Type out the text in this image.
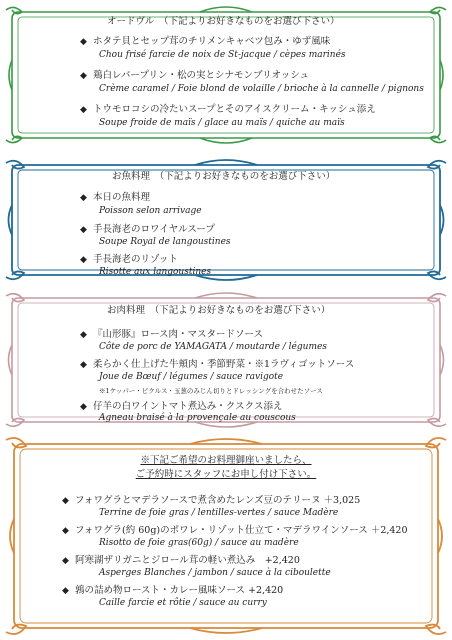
オードヴル　（下記よりお好きなものをお選び下さい）
◆ ホタテ貝とセップ茸のチリメンキャベツ包み・ゆず風味
Chou frisé farcie de noix de St-jacque / cèpes marinés
◆ 鶏白レバープリン・松の実とシナモンブリオッシュ
Crème caramel / Foie blond de volaille / brioche à la cannelle / pignons
◆ トウモロコシの冷たいスープとそのアイスクリーム・キッシュ添え
Soupe froide de maïs / glace au maïs / quiche au maïs
お魚料理　（下記よりお好きなものをお選び下さい）
◆ 本日の魚料理
Poisson selon arrivage
◆ 手長海老のロワイヤルスープ
Soupe Royal de langoustines
◆ 手長海老のリゾット
Risotte aux langoustines
お肉料理　（下記よりお好きなものをお選び下さい）
◆ 『山形豚』ロース肉・マスタードソース
Côte de porc de YAMAGATA / moutarde / légumes
◆ 柔らかく仕上げた牛頬肉・季節野菜・※1ラヴィゴットソース
Joue de Bœuf / légumes / sauce ravigote
※1ケッパー・ピクルス・玉葱のみじん切りとドレッシングを合わせたソース
◆ 仔羊の白ワイントマト煮込み・クスクス添え
Agneau braisé à la provençale au couscous
※下記ご希望のお料理御座いましたら、
ご予約時にスタッフにお申し付け下さい。
◆ フォワグラとマデラソースで煮含めたレンズ豆のテリーヌ ＋3,025
Terrine de foie gras / lentilles-vertes / sauce Madère
◆ フォワグラ(約 60g)のポワレ・リゾット仕立て・マデラワインソース ＋2,420
Risotto de foie gras(60g) / sauce au madère
◆ 阿寒湖ザリガニとジロール茸の軽い煮込み　+2,420
Asperges Blanches / jambon / sauce à la ciboulette
◆ 鶉の詰め物ロースト・カレー風味ソース +2,420
Caille farcie et rôtie / sauce au curry
